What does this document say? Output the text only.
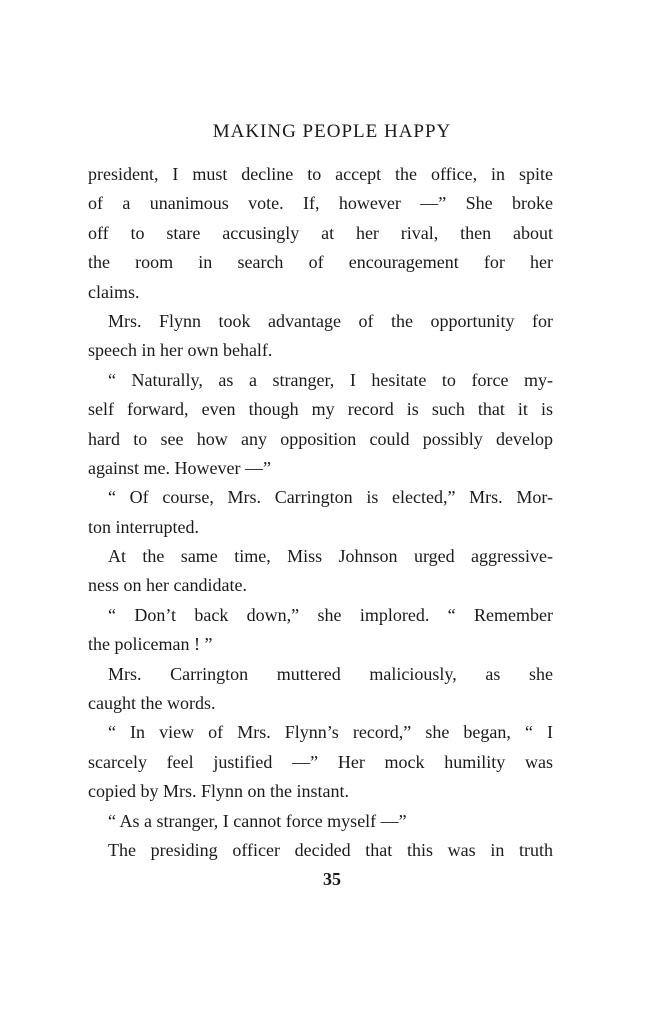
MAKING PEOPLE HAPPY
president, I must decline to accept the office, in spite
of a unanimous vote. If, however —” She broke
off to stare accusingly at her rival, then about
the room in search of encouragement for her
claims.
Mrs. Flynn took advantage of the opportunity for
speech in her own behalf.
“ Naturally, as a stranger, I hesitate to force my-
self forward, even though my record is such that it is
hard to see how any opposition could possibly develop
against me. However —”
“ Of course, Mrs. Carrington is elected,” Mrs. Mor-
ton interrupted.
At the same time, Miss Johnson urged aggressive-
ness on her candidate.
“ Don’t back down,” she implored. “ Remember
the policeman ! ”
Mrs. Carrington muttered maliciously, as she
caught the words.
“ In view of Mrs. Flynn’s record,” she began, “ I
scarcely feel justified —” Her mock humility was
copied by Mrs. Flynn on the instant.
“ As a stranger, I cannot force myself —”
The presiding officer decided that this was in truth
35
